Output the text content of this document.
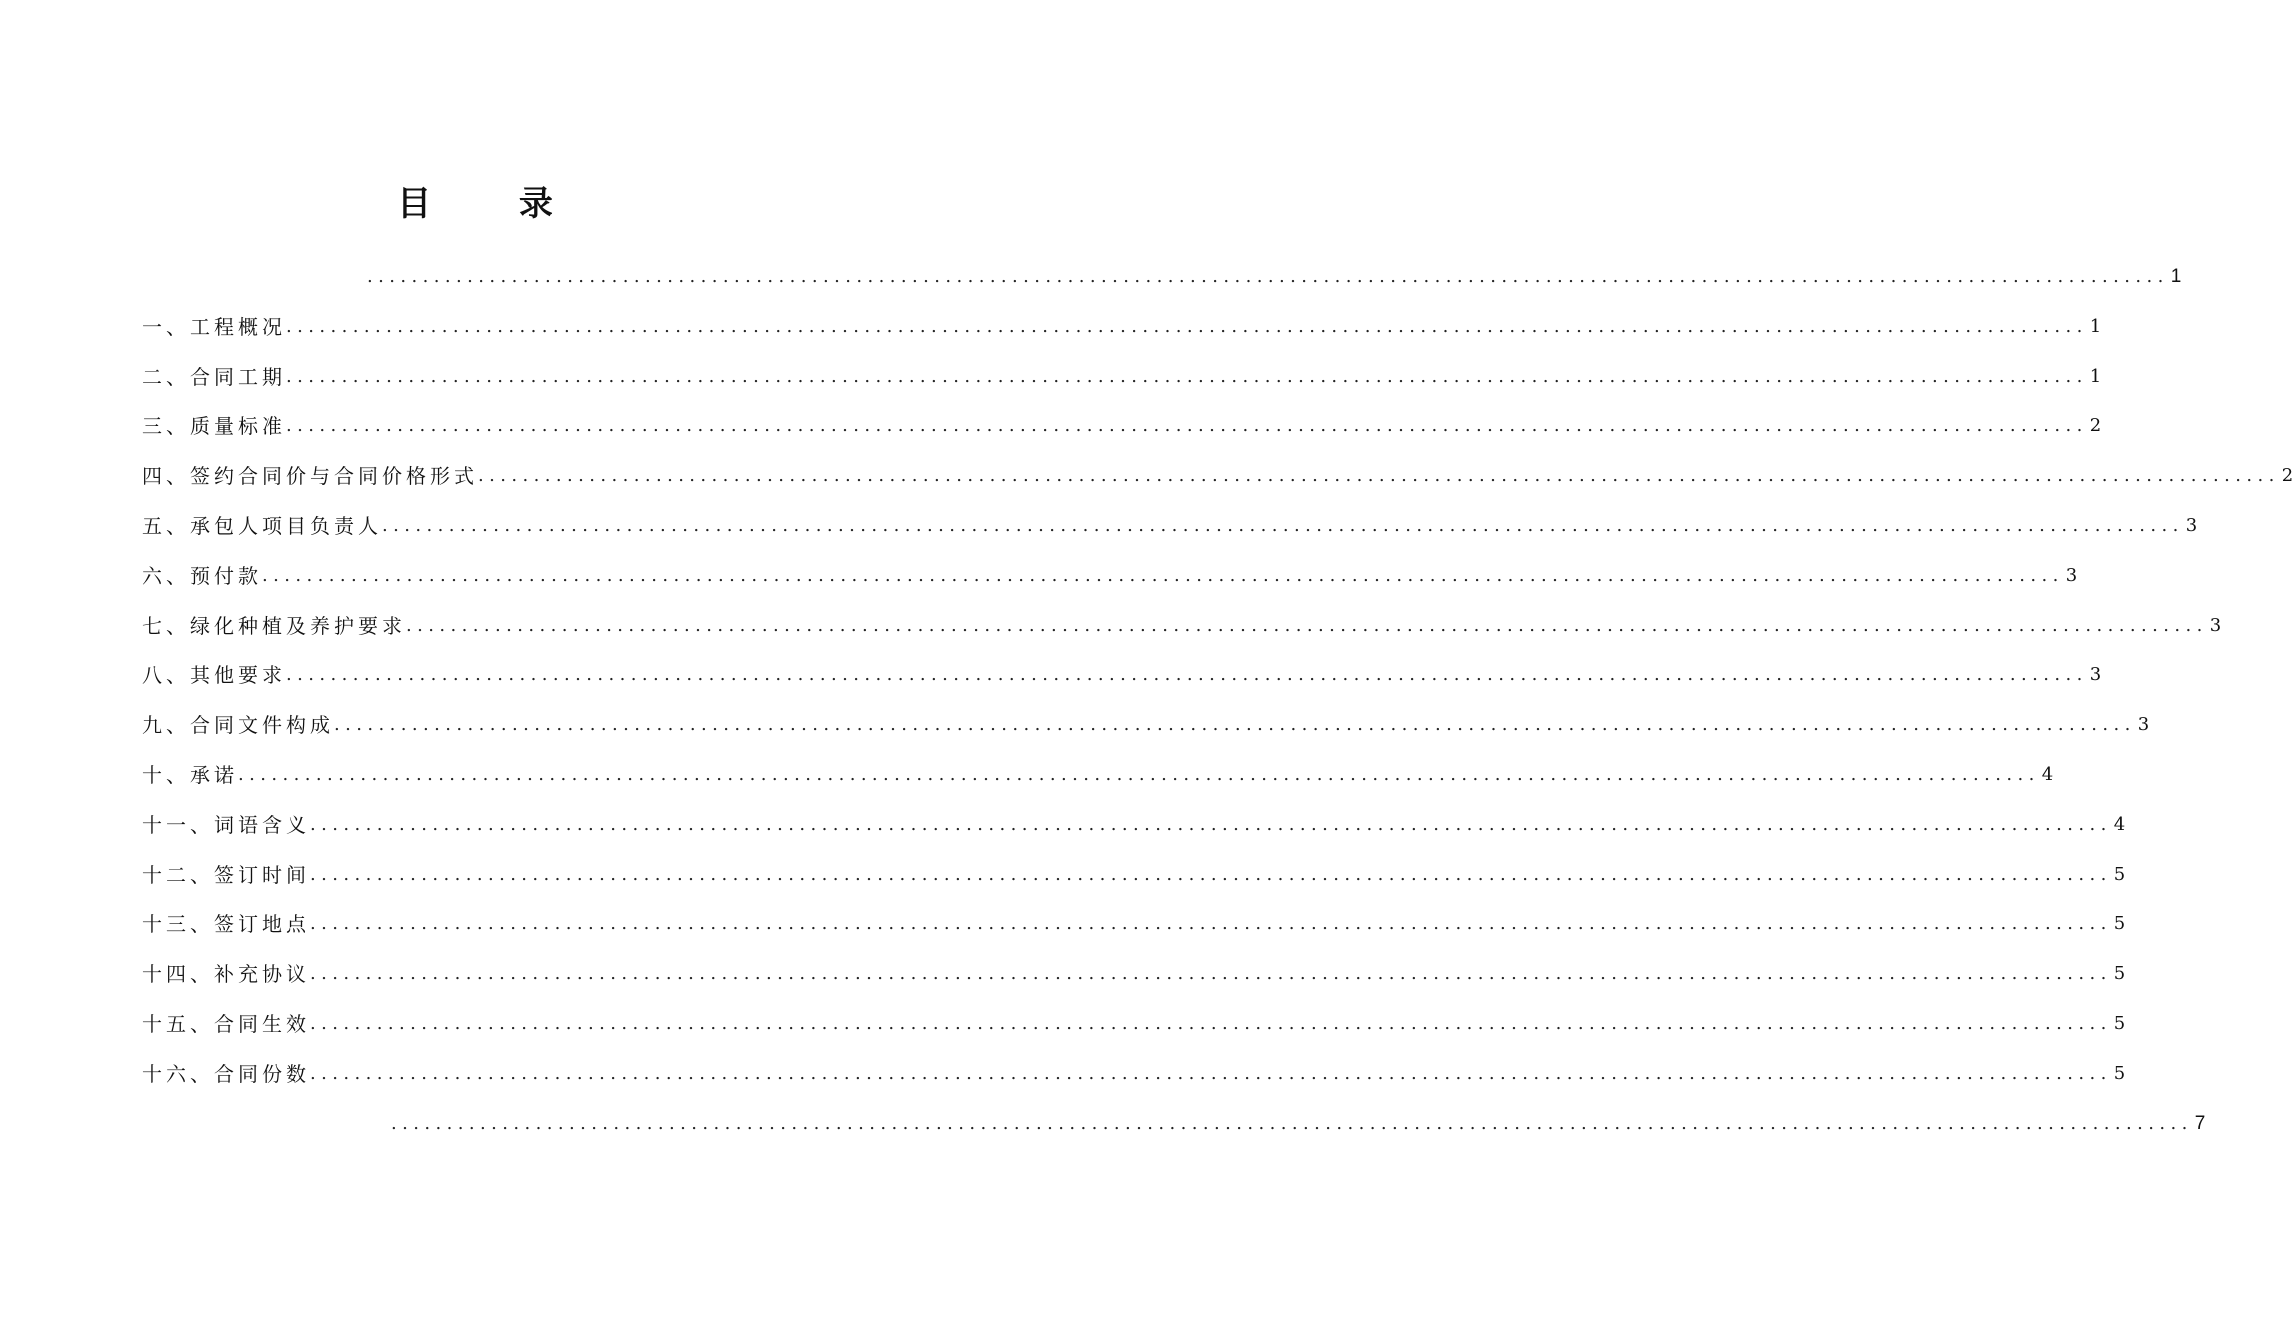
目 录
.................................................................................................................................................................. 1
一、工程概况 .................................................................................................................................................................. 1
二、合同工期 .................................................................................................................................................................. 1
三、质量标准 .................................................................................................................................................................. 2
四、签约合同价与合同价格形式 .................................................................................................................................................................. 2
五、承包人项目负责人 .................................................................................................................................................................. 3
六、预付款 .................................................................................................................................................................. 3
七、绿化种植及养护要求 .................................................................................................................................................................. 3
八、其他要求 .................................................................................................................................................................. 3
九、合同文件构成 .................................................................................................................................................................. 3
十、承诺 .................................................................................................................................................................. 4
十一、词语含义 .................................................................................................................................................................. 4
十二、签订时间 .................................................................................................................................................................. 5
十三、签订地点 .................................................................................................................................................................. 5
十四、补充协议 .................................................................................................................................................................. 5
十五、合同生效 .................................................................................................................................................................. 5
十六、合同份数 .................................................................................................................................................................. 5
.................................................................................................................................................................. 7
